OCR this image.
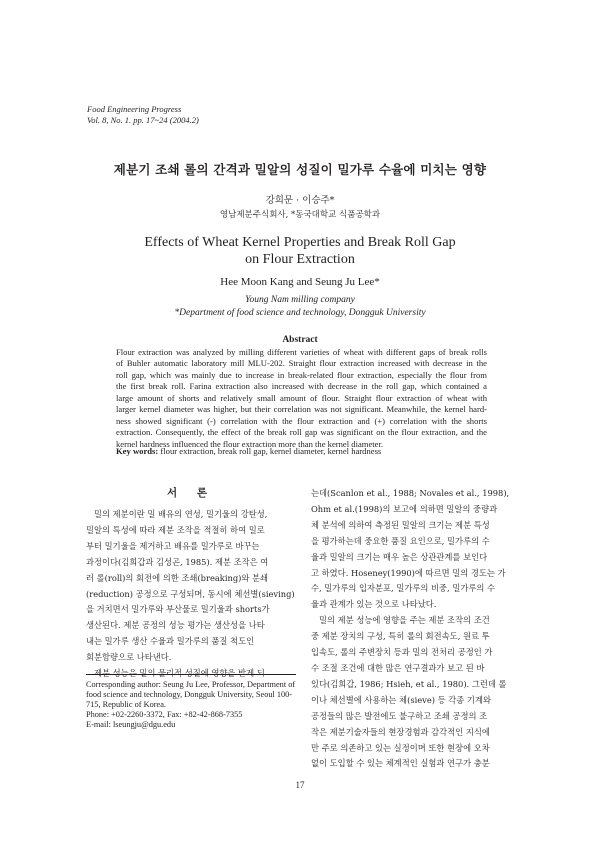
Food Engineering Progress
Vol. 8, No. 1. pp. 17~24 (2004.2)
제분기 조쇄 롤의 간격과 밀알의 성질이 밀가루 수율에 미치는 영향
강희문 · 이승주*
영남제분주식회사, *동국대학교 식품공학과
Effects of Wheat Kernel Properties and Break Roll Gap
on Flour Extraction
Hee Moon Kang and Seung Ju Lee*
Young Nam milling company
*Department of food science and technology, Dongguk University
Abstract
Flour extraction was analyzed by milling different varieties of wheat with different gaps of break rolls
of Buhler automatic laboratory mill MLU-202. Straight flour extraction increased with decrease in the
roll gap, which was mainly due to increase in break-related flour extraction, especially the flour from
the first break roll. Farina extraction also increased with decrease in the roll gap, which contained a
large amount of shorts and relatively small amount of flour. Straight flour extraction of wheat with
larger kernel diameter was higher, but their correlation was not significant. Meanwhile, the kernel hard-
ness showed significant (-) correlation with the flour extraction and (+) correlation with the shorts
extraction. Consequently, the effect of the break roll gap was significant on the flour extraction, and the
kernel hardness influenced the flour extraction more than the kernel diameter.
Key words: flour extraction, break roll gap, kernel diameter, kernel hardness
서 론
밀의 제분이란 밀 배유의 연성, 밀기울의 강탄성,
밀알의 특성에 따라 제분 조작을 적절히 하여 밀로
부터 밀기울을 제거하고 배유를 밀가루로 바꾸는
과정이다(김희갑과 김성곤, 1985). 제분 조작은 여
러 롤(roll)의 회전에 의한 조쇄(breaking)와 분쇄
(reduction) 공정으로 구성되며, 동시에 체선별(sieving)
을 거치면서 밀가루와 부산물로 밀기울과 shorts가
생산된다. 제분 공정의 성능 평가는 생산성을 나타
내는 밀가루 생산 수율과 밀가루의 품질 척도인
회분함량으로 나타낸다.
제분 성능은 밀의 물리적 성질에 영향을 받게 되
는데(Scanlon et al., 1988; Novales et al., 1998),
Ohm et al.(1998)의 보고에 의하면 밀알의 중량과
체 분석에 의하여 측정된 밀알의 크기는 제분 특성
을 평가하는데 중요한 품질 요인으로, 밀가루의 수
율과 밀알의 크기는 매우 높은 상관관계를 보인다
고 하였다. Hoseney(1990)에 따르면 밀의 경도는 가
수, 밀가루의 입자분포, 밀가루의 비중, 밀가루의 수
율과 관계가 있는 것으로 나타났다.
밀의 제분 성능에 영향을 주는 제분 조작의 조건
중 제분 장치의 구성, 특히 롤의 회전속도, 원료 투
입속도, 롤의 주변장치 등과 밀의 전처리 공정인 가
수 조절 조건에 대한 많은 연구결과가 보고 된 바
있다(김희갑, 1986; Hsieh, et al., 1980). 그런데 롤
이나 체선별에 사용하는 체(sieve) 등 각종 기계와
공정들의 많은 발전에도 불구하고 조쇄 공정의 조
작은 제분기술자들의 현장경험과 감각적인 지식에
만 주로 의존하고 있는 실정이며 또한 현장에 오차
없이 도입할 수 있는 체계적인 실험과 연구가 충분
Corresponding author: Seung Ju Lee, Professor, Department of
food science and technology, Dongguk University, Seoul 100-
715, Republic of Korea.
Phone: +02-2260-3372, Fax: +82-42-868-7355
E-mail: lseungju@dgu.edu
17
